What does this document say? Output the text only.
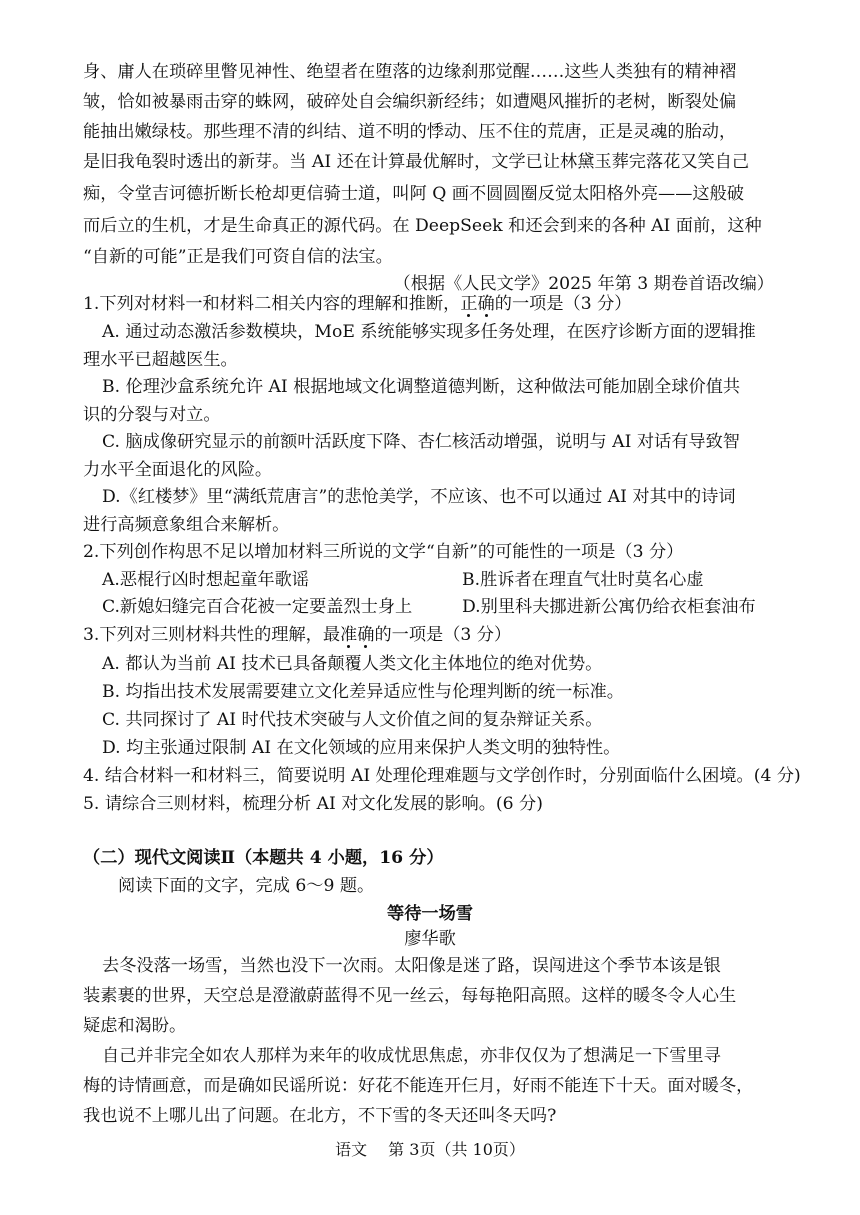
身、庸人在琐碎里瞥见神性、绝望者在堕落的边缘刹那觉醒……这些人类独有的精神褶
皱，恰如被暴雨击穿的蛛网，破碎处自会编织新经纬；如遭飓风摧折的老树，断裂处偏
能抽出嫩绿枝。那些理不清的纠结、道不明的悸动、压不住的荒唐，正是灵魂的胎动，
是旧我龟裂时透出的新芽。当 AI 还在计算最优解时，文学已让林黛玉葬完落花又笑自己
痴，令堂吉诃德折断长枪却更信骑士道，叫阿 Q 画不圆圆圈反觉太阳格外亮——这般破
而后立的生机，才是生命真正的源代码。在 DeepSeek 和还会到来的各种 AI 面前，这种
“自新的可能”正是我们可资自信的法宝。
（根据《人民文学》2025 年第 3 期卷首语改编）
1.下列对材料一和材料二相关内容的理解和推断，正确的一项是（3 分）
A. 通过动态激活参数模块，MoE 系统能够实现多任务处理，在医疗诊断方面的逻辑推
理水平已超越医生。
B. 伦理沙盒系统允许 AI 根据地域文化调整道德判断，这种做法可能加剧全球价值共
识的分裂与对立。
C. 脑成像研究显示的前额叶活跃度下降、杏仁核活动增强，说明与 AI 对话有导致智
力水平全面退化的风险。
D.《红楼梦》里“满纸荒唐言”的悲怆美学，不应该、也不可以通过 AI 对其中的诗词
进行高频意象组合来解析。
2.下列创作构思不足以增加材料三所说的文学“自新”的可能性的一项是（3 分）
A.恶棍行凶时想起童年歌谣	B.胜诉者在理直气壮时莫名心虚
C.新媳妇缝完百合花被一定要盖烈士身上	D.别里科夫挪进新公寓仍给衣柜套油布
3.下列对三则材料共性的理解，最准确的一项是（3 分）
A. 都认为当前 AI 技术已具备颠覆人类文化主体地位的绝对优势。
B. 均指出技术发展需要建立文化差异适应性与伦理判断的统一标准。
C. 共同探讨了 AI 时代技术突破与人文价值之间的复杂辩证关系。
D. 均主张通过限制 AI 在文化领域的应用来保护人类文明的独特性。
4. 结合材料一和材料三，简要说明 AI 处理伦理难题与文学创作时，分别面临什么困境。(4 分)
5. 请综合三则材料，梳理分析 AI 对文化发展的影响。(6 分)
（二）现代文阅读Ⅱ（本题共 4 小题，16 分）
阅读下面的文字，完成 6～9 题。
等待一场雪
廖华歌
去冬没落一场雪，当然也没下一次雨。太阳像是迷了路，误闯进这个季节本该是银
装素裹的世界，天空总是澄澈蔚蓝得不见一丝云，每每艳阳高照。这样的暖冬令人心生
疑虑和渴盼。
自己并非完全如农人那样为来年的收成忧思焦虑，亦非仅仅为了想满足一下雪里寻
梅的诗情画意，而是确如民谣所说：好花不能连开仨月，好雨不能连下十天。面对暖冬，
我也说不上哪儿出了问题。在北方，不下雪的冬天还叫冬天吗?
语文　 第 3页（共 10页）
